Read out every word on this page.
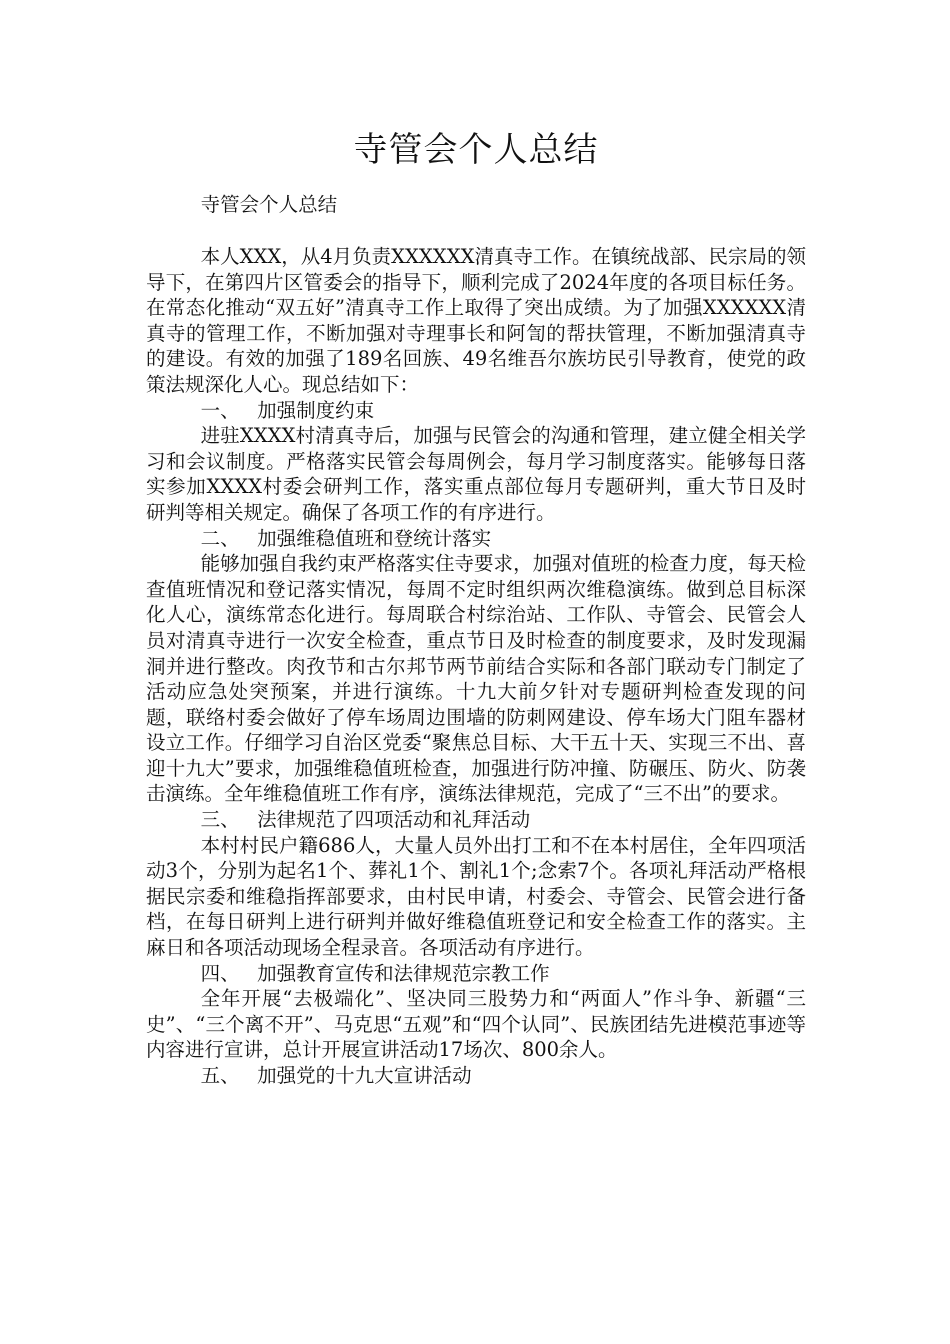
寺管会个人总结

寺管会个人总结

本人XXX，从4月负责XXXXXX清真寺工作。在镇统战部、民宗局的领导下，在第四片区管委会的指导下，顺利完成了2024年度的各项目标任务。在常态化推动“双五好”清真寺工作上取得了突出成绩。为了加强XXXXXX清真寺的管理工作，不断加强对寺理事长和阿訇的帮扶管理，不断加强清真寺的建设。有效的加强了189名回族、49名维吾尔族坊民引导教育，使党的政策法规深化人心。现总结如下：

一、 加强制度约束

进驻XXXX村清真寺后，加强与民管会的沟通和管理，建立健全相关学习和会议制度。严格落实民管会每周例会，每月学习制度落实。能够每日落实参加XXXX村委会研判工作，落实重点部位每月专题研判，重大节日及时研判等相关规定。确保了各项工作的有序进行。

二、 加强维稳值班和登统计落实

能够加强自我约束严格落实住寺要求，加强对值班的检查力度，每天检查值班情况和登记落实情况，每周不定时组织两次维稳演练。做到总目标深化人心，演练常态化进行。每周联合村综治站、工作队、寺管会、民管会人员对清真寺进行一次安全检查，重点节日及时检查的制度要求，及时发现漏洞并进行整改。肉孜节和古尔邦节两节前结合实际和各部门联动专门制定了活动应急处突预案，并进行演练。十九大前夕针对专题研判检查发现的问题，联络村委会做好了停车场周边围墙的防刺网建设、停车场大门阻车器材设立工作。仔细学习自治区党委“聚焦总目标、大干五十天、实现三不出、喜迎十九大”要求，加强维稳值班检查，加强进行防冲撞、防碾压、防火、防袭击演练。全年维稳值班工作有序，演练法律规范，完成了“三不出”的要求。

三、 法律规范了四项活动和礼拜活动

本村村民户籍686人，大量人员外出打工和不在本村居住，全年四项活动3个，分别为起名1个、葬礼1个、割礼1个;念索7个。各项礼拜活动严格根据民宗委和维稳指挥部要求，由村民申请，村委会、寺管会、民管会进行备档，在每日研判上进行研判并做好维稳值班登记和安全检查工作的落实。主麻日和各项活动现场全程录音。各项活动有序进行。

四、 加强教育宣传和法律规范宗教工作

全年开展“去极端化”、坚决同三股势力和“两面人”作斗争、新疆“三史”、“三个离不开”、马克思“五观”和“四个认同”、民族团结先进模范事迹等内容进行宣讲，总计开展宣讲活动17场次、800余人。

五、 加强党的十九大宣讲活动
